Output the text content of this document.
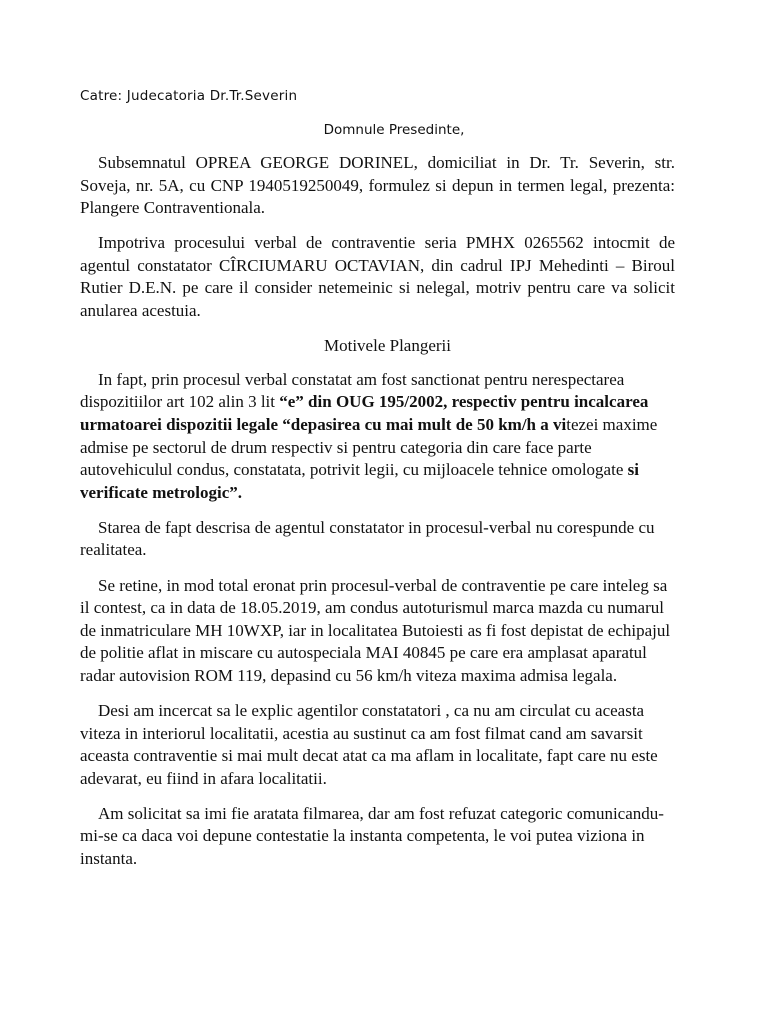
Catre: Judecatoria Dr.Tr.Severin
Domnule Presedinte,

Subsemnatul OPREA GEORGE DORINEL, domiciliat in Dr. Tr. Severin, str. Soveja, nr. 5A, cu CNP 1940519250049, formulez si depun in termen legal, prezenta: Plangere Contraventionala.

Impotriva procesului verbal de contraventie seria PMHX 0265562 intocmit de agentul constatator CÎRCIUMARU OCTAVIAN, din cadrul IPJ Mehedinti – Biroul Rutier D.E.N. pe care il consider netemeinic si nelegal, motriv pentru care va solicit anularea acestuia.

Motivele Plangerii

In fapt, prin procesul verbal constatat am fost sanctionat pentru nerespectarea dispozitiilor art 102 alin 3 lit “e” din OUG 195/2002, respectiv pentru incalcarea urmatoarei dispozitii legale “depasirea cu mai mult de 50 km/h a vitezei maxime admise pe sectorul de drum respectiv si pentru categoria din care face parte autovehiculul condus, constatata, potrivit legii, cu mijloacele tehnice omologate si verificate metrologic”.

Starea de fapt descrisa de agentul constatator in procesul-verbal nu corespunde cu realitatea.

Se retine, in mod total eronat prin procesul-verbal de contraventie pe care inteleg sa il contest, ca in data de 18.05.2019, am condus autoturismul marca mazda cu numarul de inmatriculare MH 10WXP, iar in localitatea Butoiesti as fi fost depistat de echipajul de politie aflat in miscare cu autospeciala MAI 40845 pe care era amplasat aparatul radar autovision ROM 119, depasind cu 56 km/h viteza maxima admisa legala.

Desi am incercat sa le explic agentilor constatatori , ca nu am circulat cu aceasta viteza in interiorul localitatii, acestia au sustinut ca am fost filmat cand am savarsit aceasta contraventie si mai mult decat atat ca ma aflam in localitate, fapt care nu este adevarat, eu fiind in afara localitatii.

Am solicitat sa imi fie aratata filmarea, dar am fost refuzat categoric comunicandu-mi-se ca daca voi depune contestatie la instanta competenta, le voi putea viziona in instanta.
